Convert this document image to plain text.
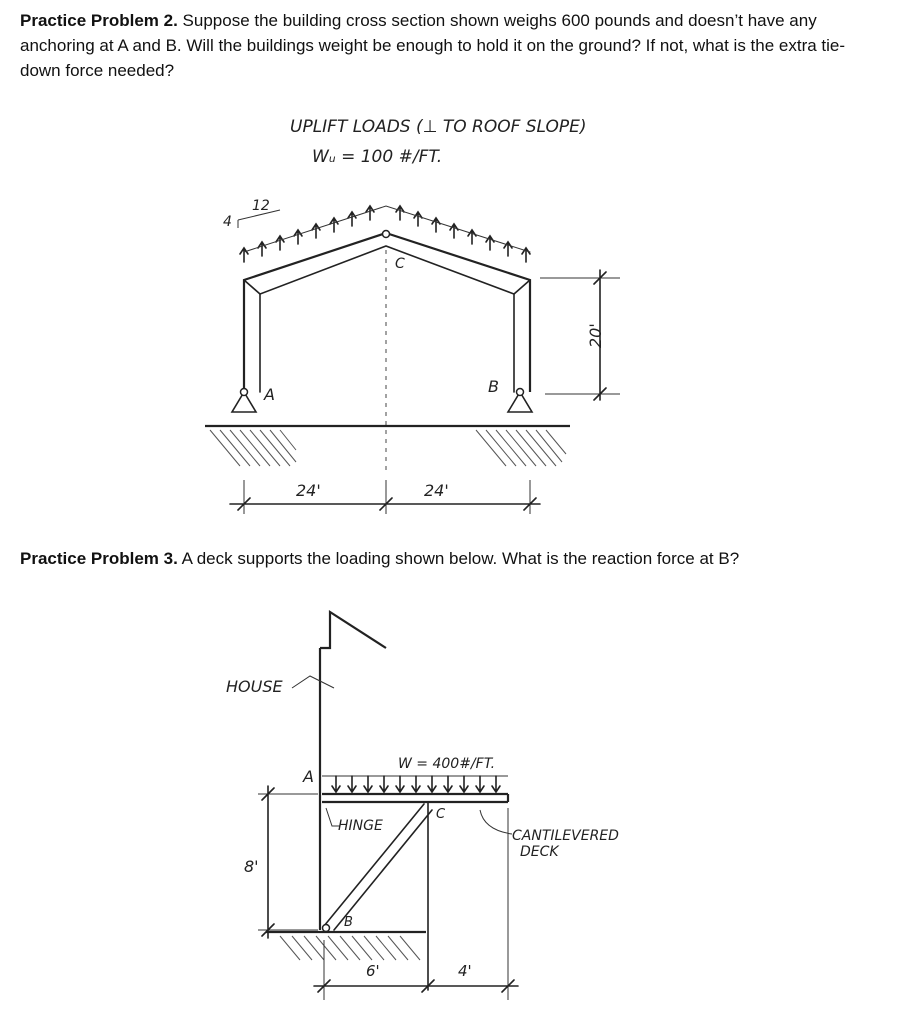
Practice Problem 2. Suppose the building cross section shown weighs 600 pounds and doesn’t have any anchoring at A and B. Will the buildings weight be enough to hold it on the ground? If not, what is the extra tie-down force needed?
Practice Problem 3. A deck supports the loading shown below. What is the reaction force at B?
UPLIFT LOADS (⊥ TO ROOF SLOPE)
Wᵤ = 100 #/FT.
12
4
C
A	B
20'
24'	24'
HOUSE
W = 400#/FT.
A
C
B
HINGE
CANTILEVERED
DECK
8'
6'	4'
